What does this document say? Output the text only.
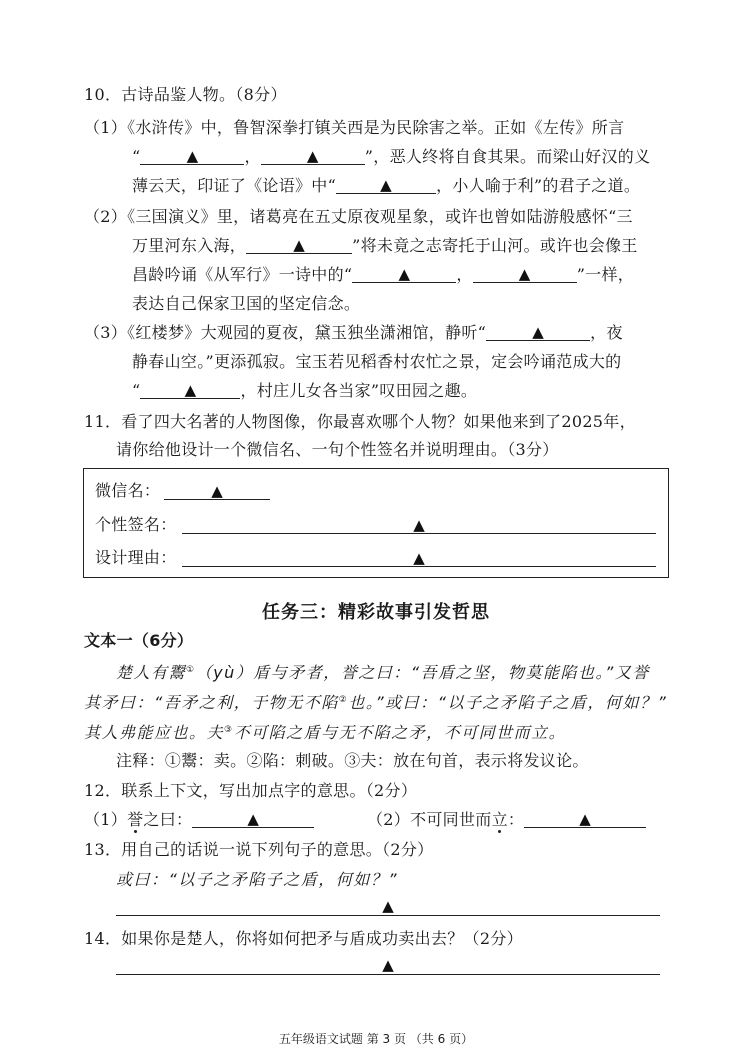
10．古诗品鉴人物。（8分）
（1）《水浒传》中，鲁智深拳打镇关西是为民除害之举。正如《左传》所言
“	▲	，	▲	”，恶人终将自食其果。而梁山好汉的义
薄云天，印证了《论语》中“	▲	，小人喻于利”的君子之道。
（2）《三国演义》里，诸葛亮在五丈原夜观星象，或许也曾如陆游般感怀“三
万里河东入海，	▲	”将未竟之志寄托于山河。或许也会像王
昌龄吟诵《从军行》一诗中的“	▲	，	▲	”一样，
表达自己保家卫国的坚定信念。
（3）《红楼梦》大观园的夏夜，黛玉独坐潇湘馆，静听“	▲	，夜
静春山空。”更添孤寂。宝玉若见稻香村农忙之景，定会吟诵范成大的
“	▲	，村庄儿女各当家”叹田园之趣。
11．看了四大名著的人物图像，你最喜欢哪个人物？如果他来到了2025年，
请你给他设计一个微信名、一句个性签名并说明理由。（3分）
微信名：	▲
个性签名：	▲
设计理由：	▲
任务三：精彩故事引发哲思
文本一（6分）
楚人有鬻①（yù）盾与矛者，誉之曰：“吾盾之坚，物莫能陷也。”又誉
其矛曰：“吾矛之利，于物无不陷②也。”或曰：“以子之矛陷子之盾，何如？”
其人弗能应也。夫③不可陷之盾与无不陷之矛，不可同世而立。
注释：①鬻：卖。②陷：刺破。③夫：放在句首，表示将发议论。
12．联系上下文，写出加点字的意思。（2分）
（1）誉之曰：	▲	（2）不可同世而立：	▲
13．用自己的话说一说下列句子的意思。（2分）
或曰：“以子之矛陷子之盾，何如？”
▲
14．如果你是楚人，你将如何把矛与盾成功卖出去？（2分）
▲
五年级语文试题 第 3 页 （共 6 页）
